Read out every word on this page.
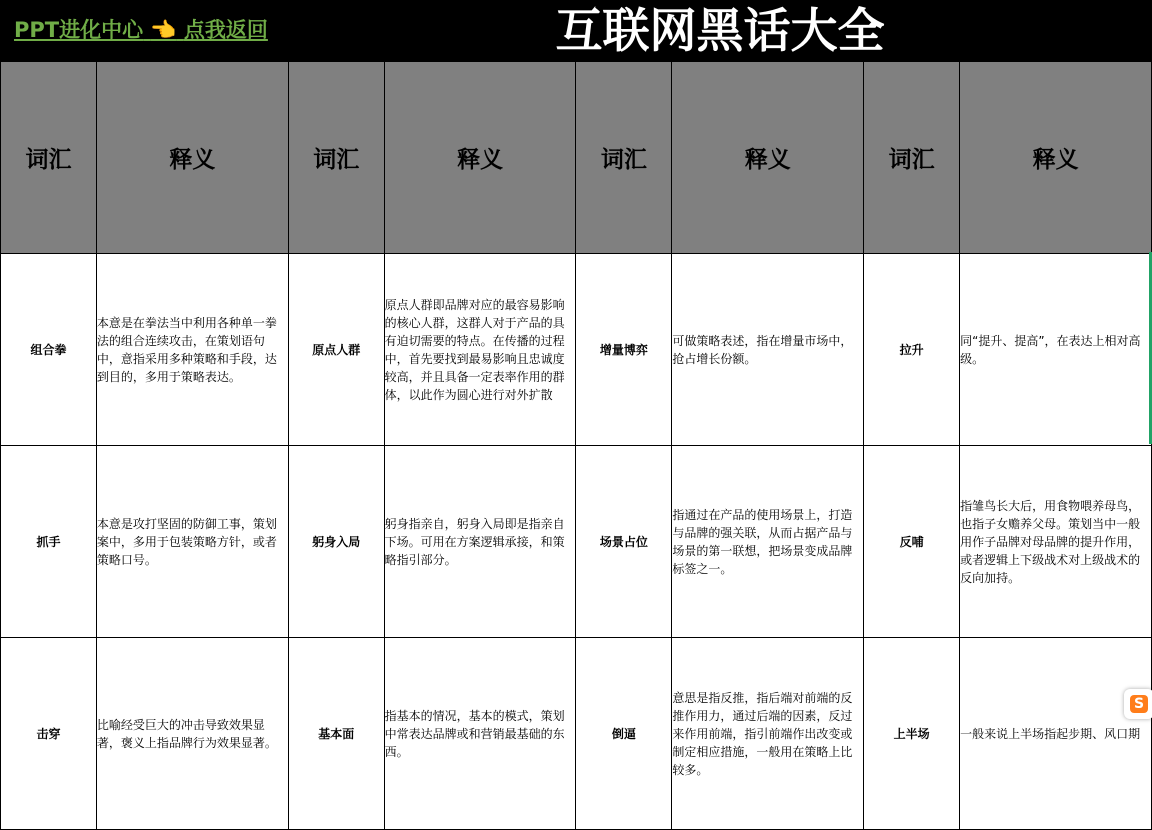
PPT进化中心 👈 点我返回	互联网黑话大全
词汇	释义	词汇	释义	词汇	释义	词汇	释义
组合拳	本意是在拳法当中利用各种单一拳法的组合连续攻击，在策划语句中，意指采用多种策略和手段，达到目的，多用于策略表达。	原点人群	原点人群即品牌对应的最容易影响的核心人群，这群人对于产品的具有迫切需要的特点。在传播的过程中，首先要找到最易影响且忠诚度较高，并且具备一定表率作用的群体，以此作为圆心进行对外扩散	增量博弈	可做策略表述，指在增量市场中，抢占增长份额。	拉升	同“提升、提高”，在表达上相对高级。

抓手	本意是攻打坚固的防御工事，策划案中，多用于包装策略方针，或者策略口号。	躬身入局	躬身指亲自，躬身入局即是指亲自下场。可用在方案逻辑承接，和策略指引部分。	场景占位	指通过在产品的使用场景上，打造与品牌的强关联，从而占据产品与场景的第一联想，把场景变成品牌标签之一。	反哺	指雏鸟长大后，用食物喂养母鸟，也指子女赡养父母。策划当中一般用作子品牌对母品牌的提升作用，或者逻辑上下级战术对上级战术的反向加持。

击穿	比喻经受巨大的冲击导致效果显著，褒义上指品牌行为效果显著。	基本面	指基本的情况，基本的模式，策划中常表达品牌或和营销最基础的东西。	倒逼	意思是指反推，指后端对前端的反推作用力，通过后端的因素，反过来作用前端，指引前端作出改变或制定相应措施，一般用在策略上比较多。	上半场	一般来说上半场指起步期、风口期
S
